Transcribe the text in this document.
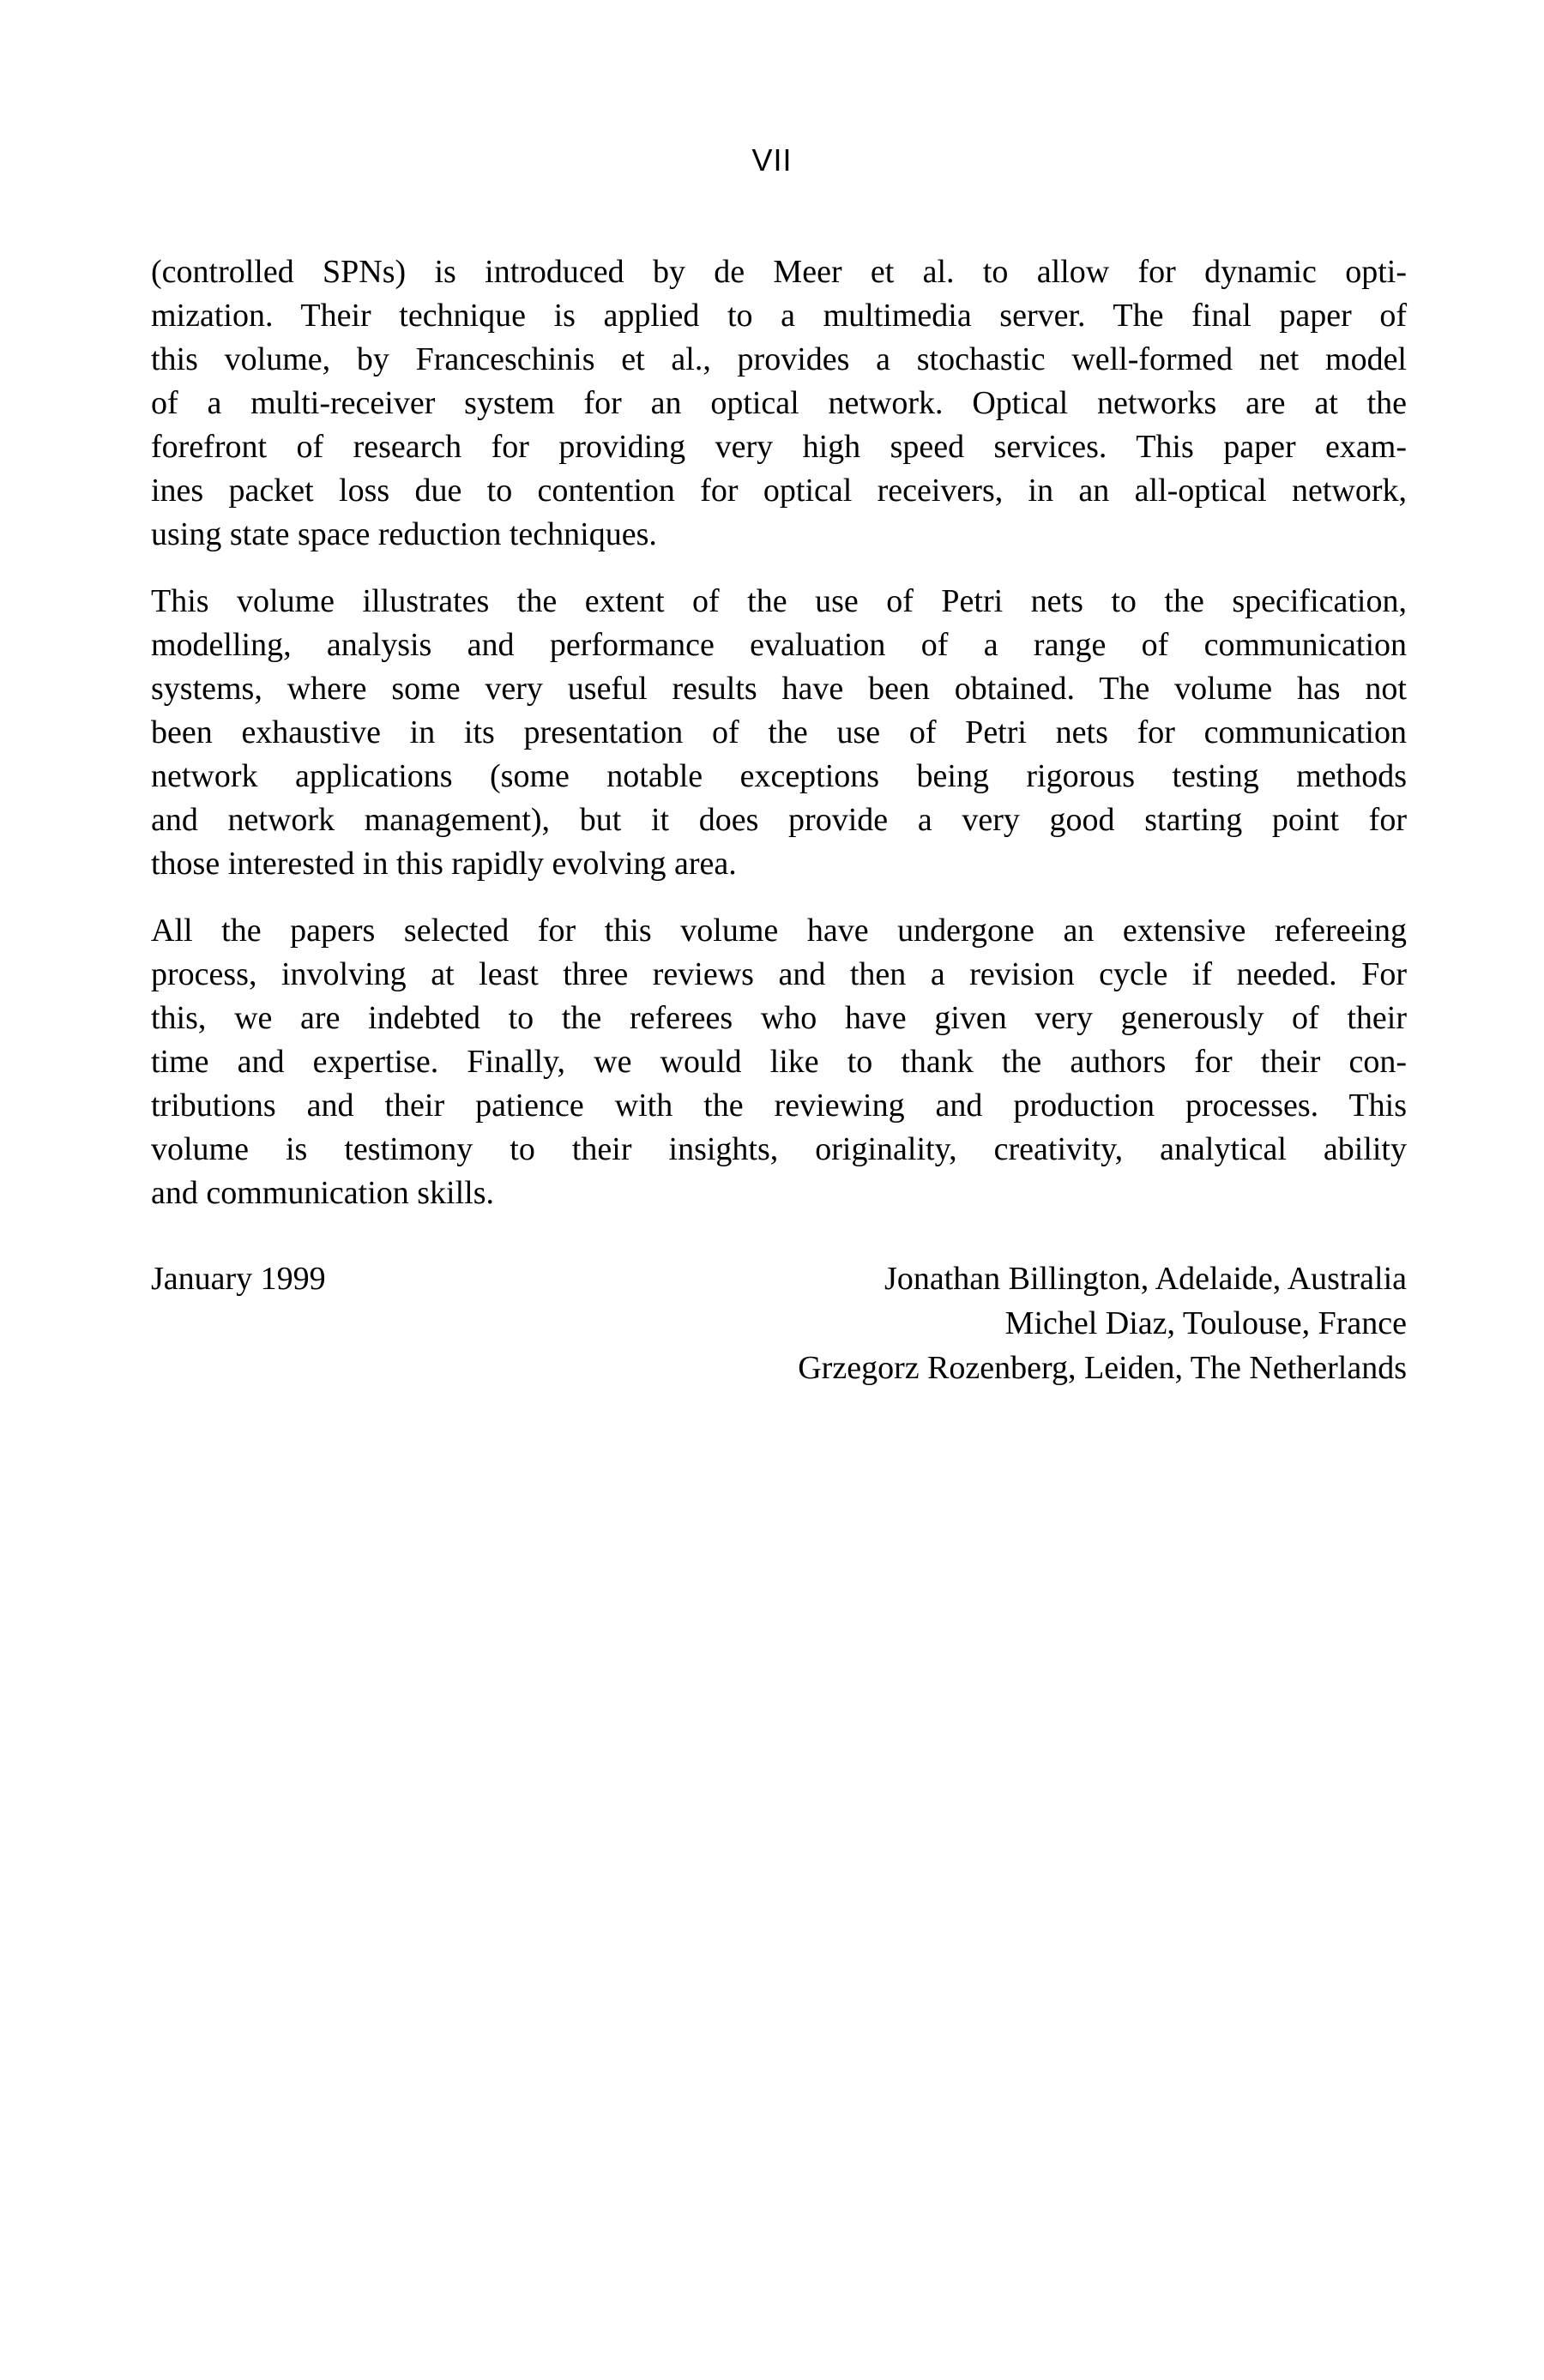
VII
(controlled SPNs) is introduced by de Meer et al. to allow for dynamic opti-
mization. Their technique is applied to a multimedia server. The final paper of
this volume, by Franceschinis et al., provides a stochastic well-formed net model
of a multi-receiver system for an optical network. Optical networks are at the
forefront of research for providing very high speed services. This paper exam-
ines packet loss due to contention for optical receivers, in an all-optical network,
using state space reduction techniques.
This volume illustrates the extent of the use of Petri nets to the specification,
modelling, analysis and performance evaluation of a range of communication
systems, where some very useful results have been obtained. The volume has not
been exhaustive in its presentation of the use of Petri nets for communication
network applications (some notable exceptions being rigorous testing methods
and network management), but it does provide a very good starting point for
those interested in this rapidly evolving area.
All the papers selected for this volume have undergone an extensive refereeing
process, involving at least three reviews and then a revision cycle if needed. For
this, we are indebted to the referees who have given very generously of their
time and expertise. Finally, we would like to thank the authors for their con-
tributions and their patience with the reviewing and production processes. This
volume is testimony to their insights, originality, creativity, analytical ability
and communication skills.
January 1999	Jonathan Billington, Adelaide, Australia
Michel Diaz, Toulouse, France
Grzegorz Rozenberg, Leiden, The Netherlands
